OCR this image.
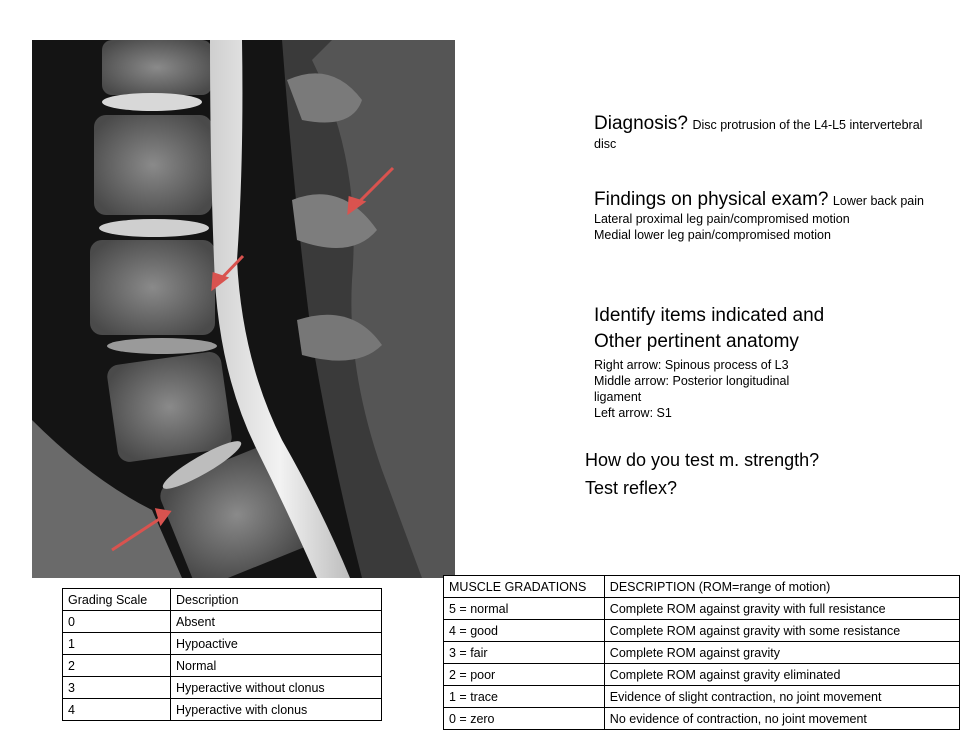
Diagnosis? Disc protrusion of the L4-L5 intervertebral disc
Findings on physical exam? Lower back pain
Lateral proximal leg pain/compromised motion
Medial lower leg pain/compromised motion
Identify items indicated and
Other pertinent anatomy
Right arrow: Spinous process of L3
Middle arrow: Posterior longitudinal
ligament
Left arrow: S1
How do you test m. strength?
Test reflex?
Grading Scale	Description
0	Absent
1	Hypoactive
2	Normal
3	Hyperactive without clonus
4	Hyperactive with clonus
MUSCLE GRADATIONS	DESCRIPTION (ROM=range of motion)
5 = normal	Complete ROM against gravity with full resistance
4 = good	Complete ROM against gravity with some resistance
3 = fair	Complete ROM against gravity
2 = poor	Complete ROM against gravity eliminated
1 = trace	Evidence of slight contraction, no joint movement
0 = zero	No evidence of contraction, no joint movement
